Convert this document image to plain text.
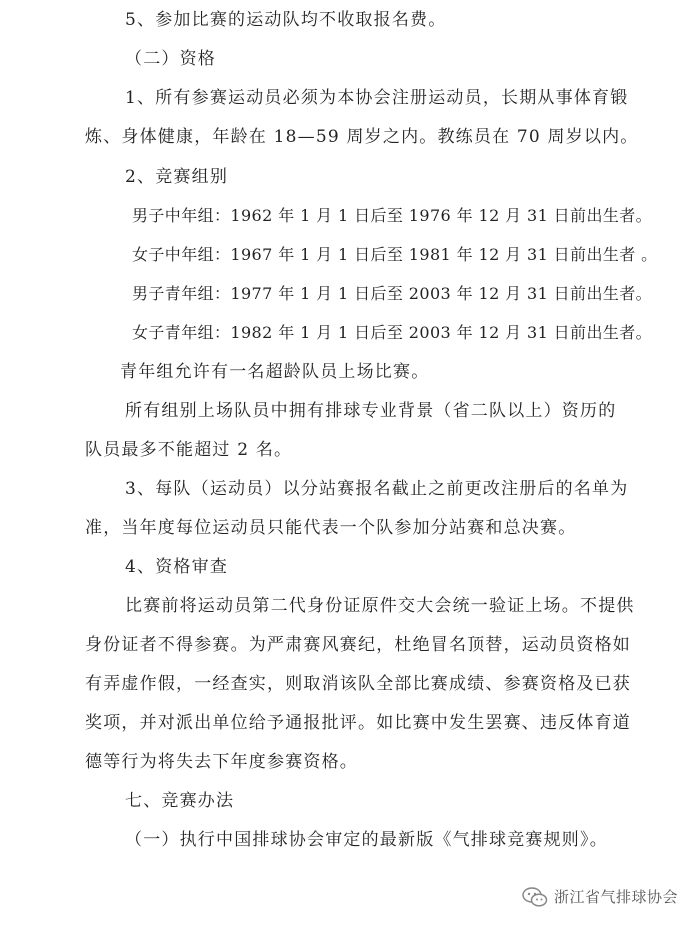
5、参加比赛的运动队均不收取报名费。
（二）资格
1、所有参赛运动员必须为本协会注册运动员，长期从事体育锻
炼、身体健康，年龄在 18—59 周岁之内。教练员在 70 周岁以内。
2、竞赛组别
男子中年组：1962 年 1 月 1 日后至 1976 年 12 月 31 日前出生者。
女子中年组：1967 年 1 月 1 日后至 1981 年 12 月 31 日前出生者 。
男子青年组：1977 年 1 月 1 日后至 2003 年 12 月 31 日前出生者。
女子青年组：1982 年 1 月 1 日后至 2003 年 12 月 31 日前出生者。
青年组允许有一名超龄队员上场比赛。
所有组别上场队员中拥有排球专业背景（省二队以上）资历的
队员最多不能超过 2 名。
3、每队（运动员）以分站赛报名截止之前更改注册后的名单为
准，当年度每位运动员只能代表一个队参加分站赛和总决赛。
4、资格审查
比赛前将运动员第二代身份证原件交大会统一验证上场。不提供
身份证者不得参赛。为严肃赛风赛纪，杜绝冒名顶替，运动员资格如
有弄虚作假，一经查实，则取消该队全部比赛成绩、参赛资格及已获
奖项，并对派出单位给予通报批评。如比赛中发生罢赛、违反体育道
德等行为将失去下年度参赛资格。
七、竞赛办法
（一）执行中国排球协会审定的最新版《气排球竞赛规则》。
浙江省气排球协会
